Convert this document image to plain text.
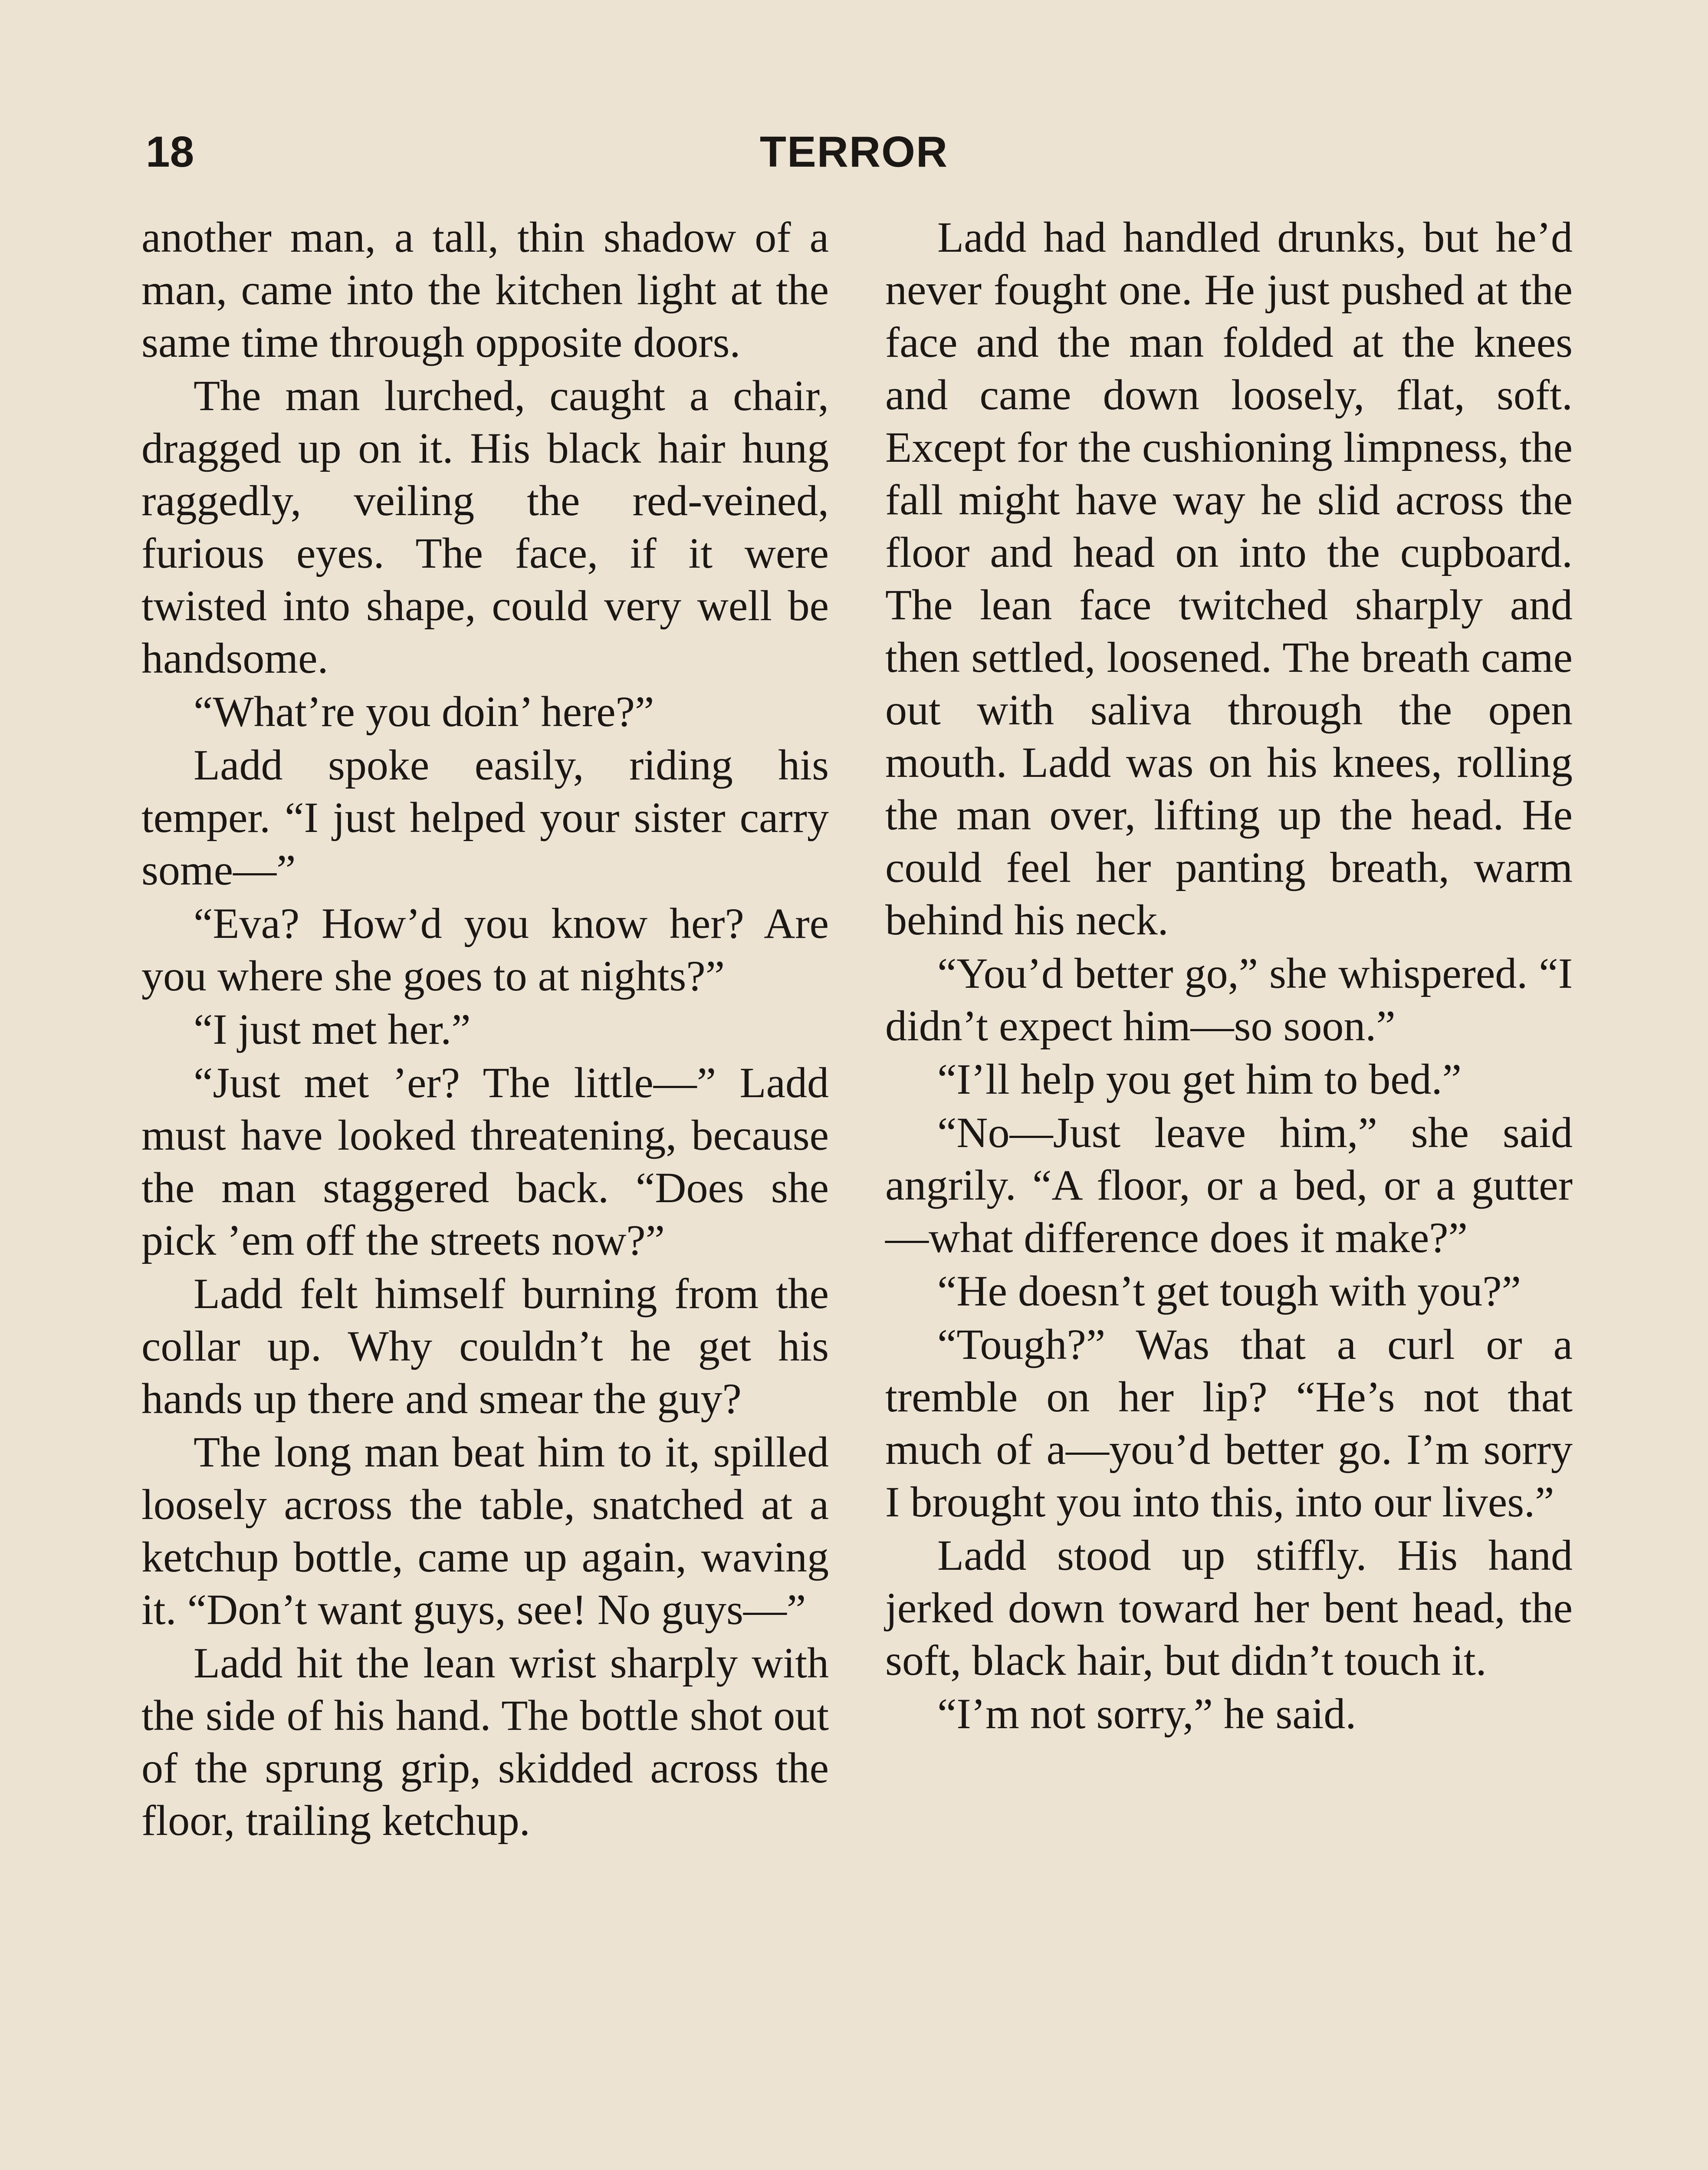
18	TERROR

another man, a tall, thin shadow of a man, came into the kitchen light at the same time through opposite doors.

The man lurched, caught a chair, dragged up on it. His black hair hung raggedly, veiling the red-veined, furious eyes. The face, if it were twisted into shape, could very well be handsome.

“What’re you doin’ here?”

Ladd spoke easily, riding his temper. “I just helped your sister carry some—”

“Eva? How’d you know her? Are you where she goes to at nights?”

“I just met her.”

“Just met ’er? The little—” Ladd must have looked threatening, because the man staggered back. “Does she pick ’em off the streets now?”

Ladd felt himself burning from the collar up. Why couldn’t he get his hands up there and smear the guy?

The long man beat him to it, spilled loosely across the table, snatched at a ketchup bottle, came up again, waving it. “Don’t want guys, see! No guys—”

Ladd hit the lean wrist sharply with the side of his hand. The bottle shot out of the sprung grip, skidded across the floor, trailing ketchup.

Ladd had handled drunks, but he’d never fought one. He just pushed at the face and the man folded at the knees and came down loosely, flat, soft. Except for the cushioning limpness, the fall might have way he slid across the floor and head on into the cupboard. The lean face twitched sharply and then settled, loosened. The breath came out with saliva through the open mouth. Ladd was on his knees, rolling the man over, lifting up the head. He could feel her panting breath, warm behind his neck.

“You’d better go,” she whispered. “I didn’t expect him—so soon.”

“I’ll help you get him to bed.”

“No—Just leave him,” she said angrily. “A floor, or a bed, or a gutter—what difference does it make?”

“He doesn’t get tough with you?”

“Tough?” Was that a curl or a tremble on her lip? “He’s not that much of a—you’d better go. I’m sorry I brought you into this, into our lives.”

Ladd stood up stiffly. His hand jerked down toward her bent head, the soft, black hair, but didn’t touch it.

“I’m not sorry,” he said.
